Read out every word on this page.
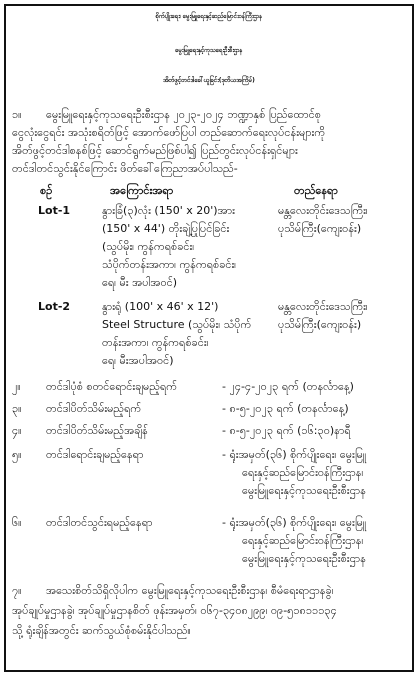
စိုက်ပျိုးရေး၊ မွေးမြူရေးနှင့်ဆည်မြောင်းဝန်ကြီးဌာန
မွေးမြူရေးနှင့်ကုသရေးဦးစီးဌာန
အိတ်ဖွင့်တင်ဒါခေါ်ယူခြင်း(ဒုတိယအကြိမ်)
၁။ မွေးမြူရေးနှင့်ကုသရေးဦးစီးဌာန ၂၀၂၃-၂၀၂၄ ဘဏ္ဍာနှစ် ပြည်ထောင်စု
ငွေလုံးငွေရင်း အသုံးစရိတ်ဖြင့် အောက်ဖော်ပြပါ တည်ဆောက်ရေးလုပ်ငန်းများကို
အိတ်ဖွင့်တင်ဒါစနစ်ဖြင့် ဆောင်ရွက်မည်ဖြစ်ပါ၍ ပြည်တွင်းလုပ်ငန်းရှင်များ
တင်ဒါတင်သွင်းနိုင်ကြောင်း ဖိတ်ခေါ်ကြေညာအပ်ပါသည်-
စဉ်	အကြောင်းအရာ	တည်နေရာ
Lot-1	နွားခြံ(၃)လုံး (150' x 20')အား
(150' x 44') တိုးချဲ့ပြုပြင်ခြင်း
(သွပ်မိုး၊ ကွန်ကရစ်ခင်း၊
သံပိုက်တန်းအကာ၊ ကွန်ကရစ်ခင်း၊
ရေ၊ မီး အပါအဝင်)
မန္တလေးတိုင်းဒေသကြီး၊
ပုသိမ်ကြီး(ကျေးဝန်း)
Lot-2	နွားရုံ (100' x 46' x 12')
Steel Structure (သွပ်မိုး၊ သံပိုက်
တန်းအကာ၊ ကွန်ကရစ်ခင်း၊
ရေ၊ မီးအပါအဝင်)
မန္တလေးတိုင်းဒေသကြီး၊
ပုသိမ်ကြီး(ကျေးဝန်း)
၂။ တင်ဒါပုံစံ စတင်ရောင်းချမည့်ရက်	- ၂၄-၄-၂၀၂၃ ရက် (တနင်္လာနေ့)
၃။ တင်ဒါပိတ်သိမ်းမည့်ရက်	- ၈-၅-၂၀၂၃ ရက် (တနင်္လာနေ့)
၄။ တင်ဒါပိတ်သိမ်းမည့်အချိန်	- ၈-၅-၂၀၂၃ ရက် (၁၆:၃၀)နာရီ
၅။ တင်ဒါရောင်းချမည့်နေရာ	- ရုံးအမှတ်(၃၆) စိုက်ပျိုးရေး၊ မွေးမြူ
ရေးနှင့်ဆည်မြောင်းဝန်ကြီးဌာန၊
မွေးမြူရေးနှင့်ကုသရေးဦးစီးဌာန
၆။ တင်ဒါတင်သွင်းရမည့်နေရာ	- ရုံးအမှတ်(၃၆) စိုက်ပျိုးရေး၊ မွေးမြူ
ရေးနှင့်ဆည်မြောင်းဝန်ကြီးဌာန၊
မွေးမြူရေးနှင့်ကုသရေးဦးစီးဌာန
၇။ အသေးစိတ်သိရှိလိုပါက မွေးမြူရေးနှင့်ကုသရေးဦးစီးဌာန၊ စီမံရေးရာဌာနခွဲ၊
အုပ်ချုပ်မှုဌာနခွဲ၊ အုပ်ချုပ်မှုဌာနစိတ် ဖုန်းအမှတ်၊ ၀၆၇-၃၄၀၈၂၉၉၊ ၀၉-၅၁၈၁၁၁၃၄
သို့ ရုံးချိန်အတွင်း ဆက်သွယ်စုံစမ်းနိုင်ပါသည်။
